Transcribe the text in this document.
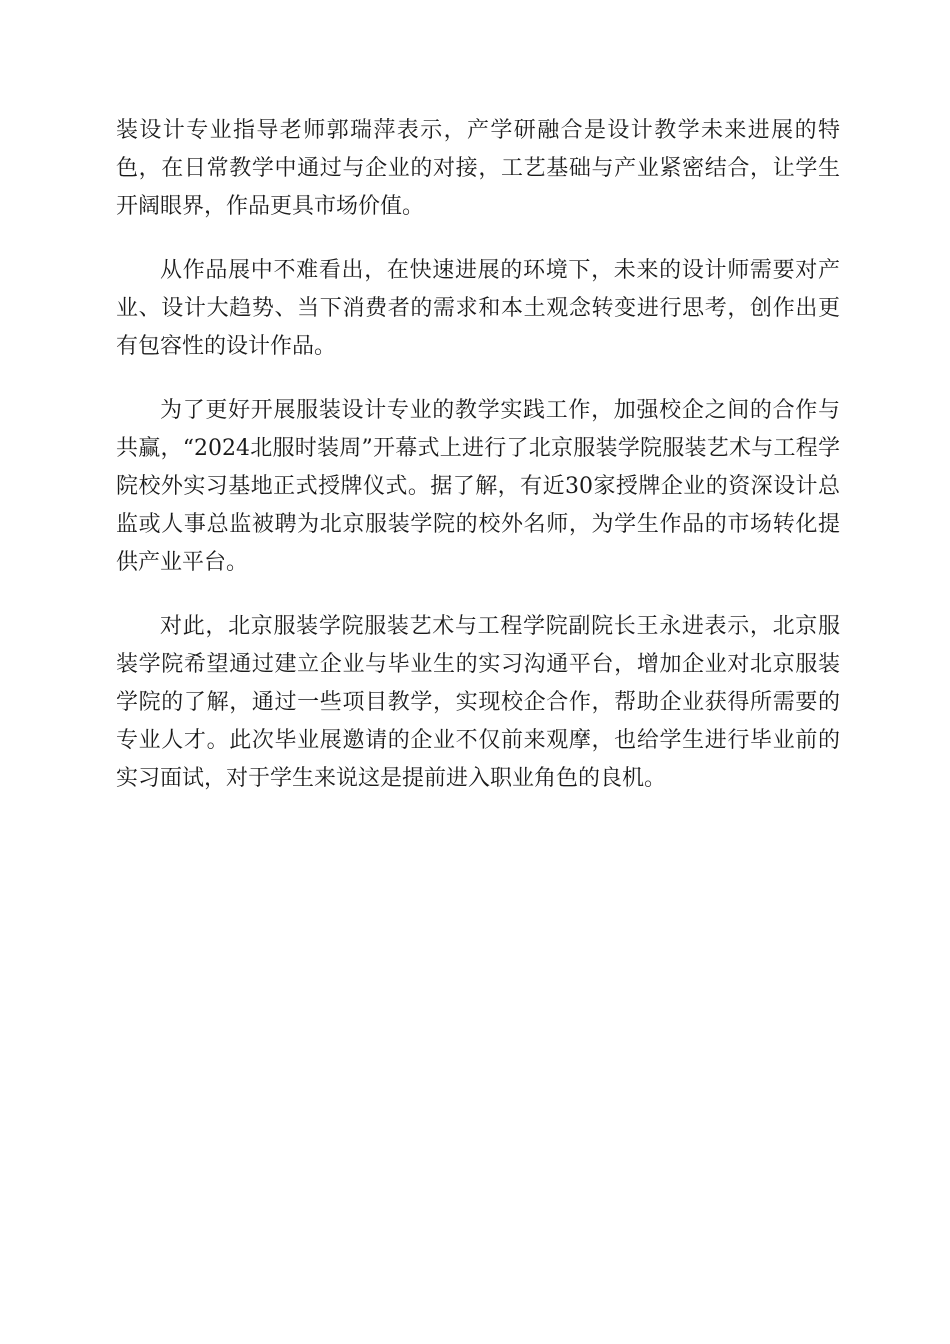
装设计专业指导老师郭瑞萍表示，产学研融合是设计教学未来进展的特色，在日常教学中通过与企业的对接，工艺基础与产业紧密结合，让学生开阔眼界，作品更具市场价值。

从作品展中不难看出，在快速进展的环境下，未来的设计师需要对产业、设计大趋势、当下消费者的需求和本土观念转变进行思考，创作出更有包容性的设计作品。

为了更好开展服装设计专业的教学实践工作，加强校企之间的合作与共赢，“2024北服时装周”开幕式上进行了北京服装学院服装艺术与工程学院校外实习基地正式授牌仪式。据了解，有近30家授牌企业的资深设计总监或人事总监被聘为北京服装学院的校外名师，为学生作品的市场转化提供产业平台。

对此，北京服装学院服装艺术与工程学院副院长王永进表示，北京服装学院希望通过建立企业与毕业生的实习沟通平台，增加企业对北京服装学院的了解，通过一些项目教学，实现校企合作，帮助企业获得所需要的专业人才。此次毕业展邀请的企业不仅前来观摩，也给学生进行毕业前的实习面试，对于学生来说这是提前进入职业角色的良机。
